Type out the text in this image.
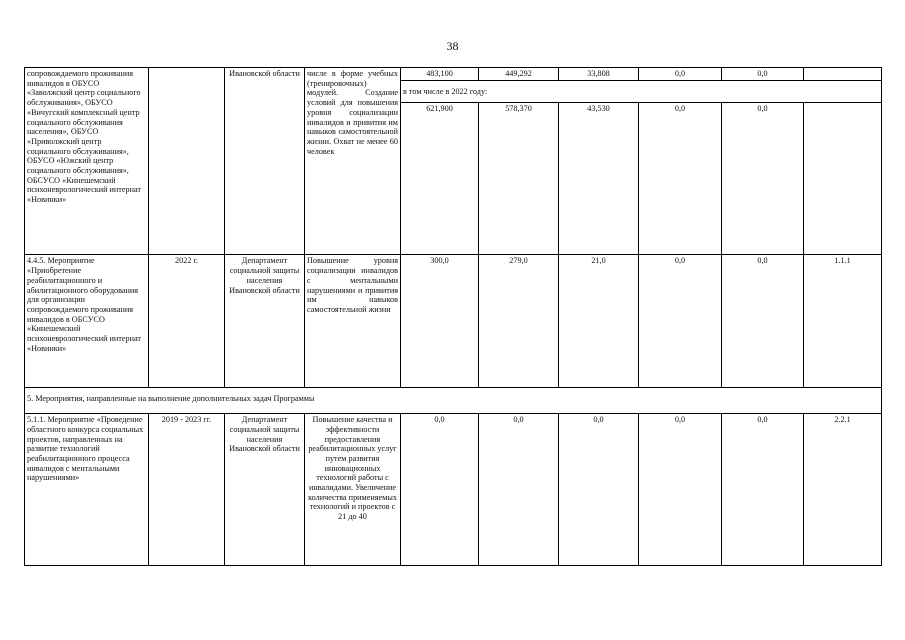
38
сопровождаемого проживания инвалидов в ОБУСО «Заволжский центр социального обслуживания», ОБУСО «Вичугский комплексный центр социального обслуживания населения», ОБУСО «Приволжский центр социального обслуживания», ОБУСО «Южский центр социального обслуживания», ОБСУСО «Кинешемский психоневрологический интернат «Новинки»		Ивановской области	числе в форме учебных (тренировочных) модулей. Создание условий для повышения уровня социализации инвалидов и привития им навыков самостоятельной жизни. Охват не менее 60 человек	483,100	449,292	33,808	0,0	0,0	
				в том числе в 2022 году:					
				621,900	578,370	43,530	0,0	0,0	
4.4.5. Мероприятие «Приобретение реабилитационного и абилитационного оборудования для организации сопровождаемого проживания инвалидов в ОБСУСО «Кинешемский психоневрологический интернат «Новинки»	2022 г.	Департамент социальной защиты населения Ивановской области	Повышение уровня социализации инвалидов с ментальными нарушениями и привития им навыков самостоятельной жизни	300,0	279,0	21,0	0,0	0,0	1.1.1
5. Мероприятия, направленные на выполнение дополнительных задач Программы									
5.1.1. Мероприятие «Проведение областного конкурса социальных проектов, направленных на развитие технологий реабилитационного процесса инвалидов с ментальными нарушениями»	2019 - 2023 гг.	Департамент социальной защиты населения Ивановской области	Повышение качества и эффективности предоставления реабилитационных услуг путем развития инновационных технологий работы с инвалидами. Увеличение количества применяемых технологий и проектов с 21 до 40	0,0	0,0	0,0	0,0	0,0	2.2.1
